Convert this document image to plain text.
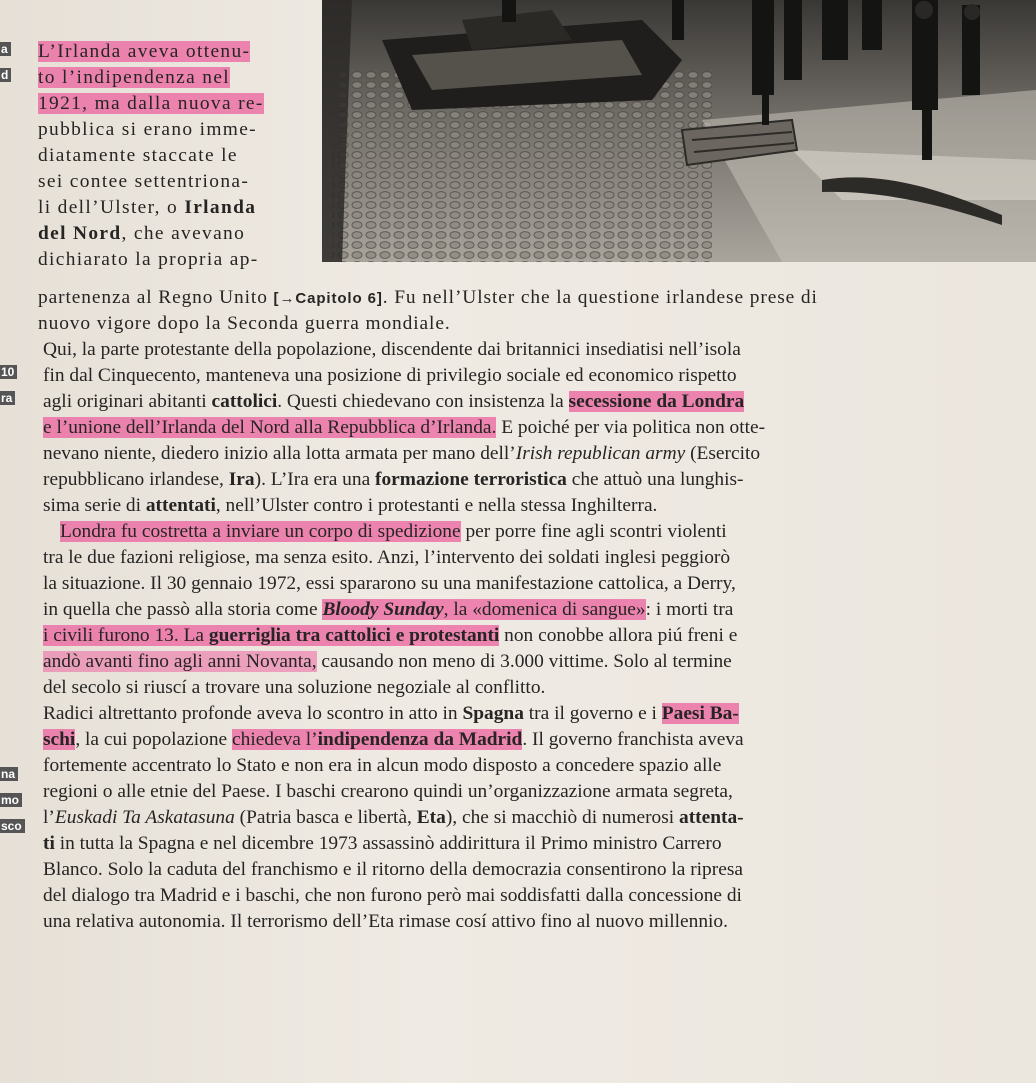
a
d
10
ra
na
mo
sco
L’Irlanda aveva ottenu-
to l’indipendenza nel
1921, ma dalla nuova re-
pubblica si erano imme-
diatamente staccate le
sei contee settentriona-
li dell’Ulster, o Irlanda
del Nord, che avevano
dichiarato la propria ap-
partenenza al Regno Unito [→Capitolo 6]. Fu nell’Ulster che la questione irlandese prese di
nuovo vigore dopo la Seconda guerra mondiale.
Qui, la parte protestante della popolazione, discendente dai britannici insediatisi nell’isola
fin dal Cinquecento, manteneva una posizione di privilegio sociale ed economico rispetto
agli originari abitanti cattolici. Questi chiedevano con insistenza la secessione da Londra
e l’unione dell’Irlanda del Nord alla Repubblica d’Irlanda. E poiché per via politica non otte-
nevano niente, diedero inizio alla lotta armata per mano dell’Irish republican army (Esercito
repubblicano irlandese, Ira). L’Ira era una formazione terroristica che attuò una lunghis-
sima serie di attentati, nell’Ulster contro i protestanti e nella stessa Inghilterra.
Londra fu costretta a inviare un corpo di spedizione per porre fine agli scontri violenti
tra le due fazioni religiose, ma senza esito. Anzi, l’intervento dei soldati inglesi peggiorò
la situazione. Il 30 gennaio 1972, essi spararono su una manifestazione cattolica, a Derry,
in quella che passò alla storia come Bloody Sunday, la «domenica di sangue»: i morti tra
i civili furono 13. La guerriglia tra cattolici e protestanti non conobbe allora piú freni e
andò avanti fino agli anni Novanta, causando non meno di 3.000 vittime. Solo al termine
del secolo si riuscí a trovare una soluzione negoziale al conflitto.
Radici altrettanto profonde aveva lo scontro in atto in Spagna tra il governo e i Paesi Ba-
schi, la cui popolazione chiedeva l’indipendenza da Madrid. Il governo franchista aveva
fortemente accentrato lo Stato e non era in alcun modo disposto a concedere spazio alle
regioni o alle etnie del Paese. I baschi crearono quindi un’organizzazione armata segreta,
l’Euskadi Ta Askatasuna (Patria basca e libertà, Eta), che si macchiò di numerosi attenta-
ti in tutta la Spagna e nel dicembre 1973 assassinò addirittura il Primo ministro Carrero
Blanco. Solo la caduta del franchismo e il ritorno della democrazia consentirono la ripresa
del dialogo tra Madrid e i baschi, che non furono però mai soddisfatti dalla concessione di
una relativa autonomia. Il terrorismo dell’Eta rimase cosí attivo fino al nuovo millennio.
